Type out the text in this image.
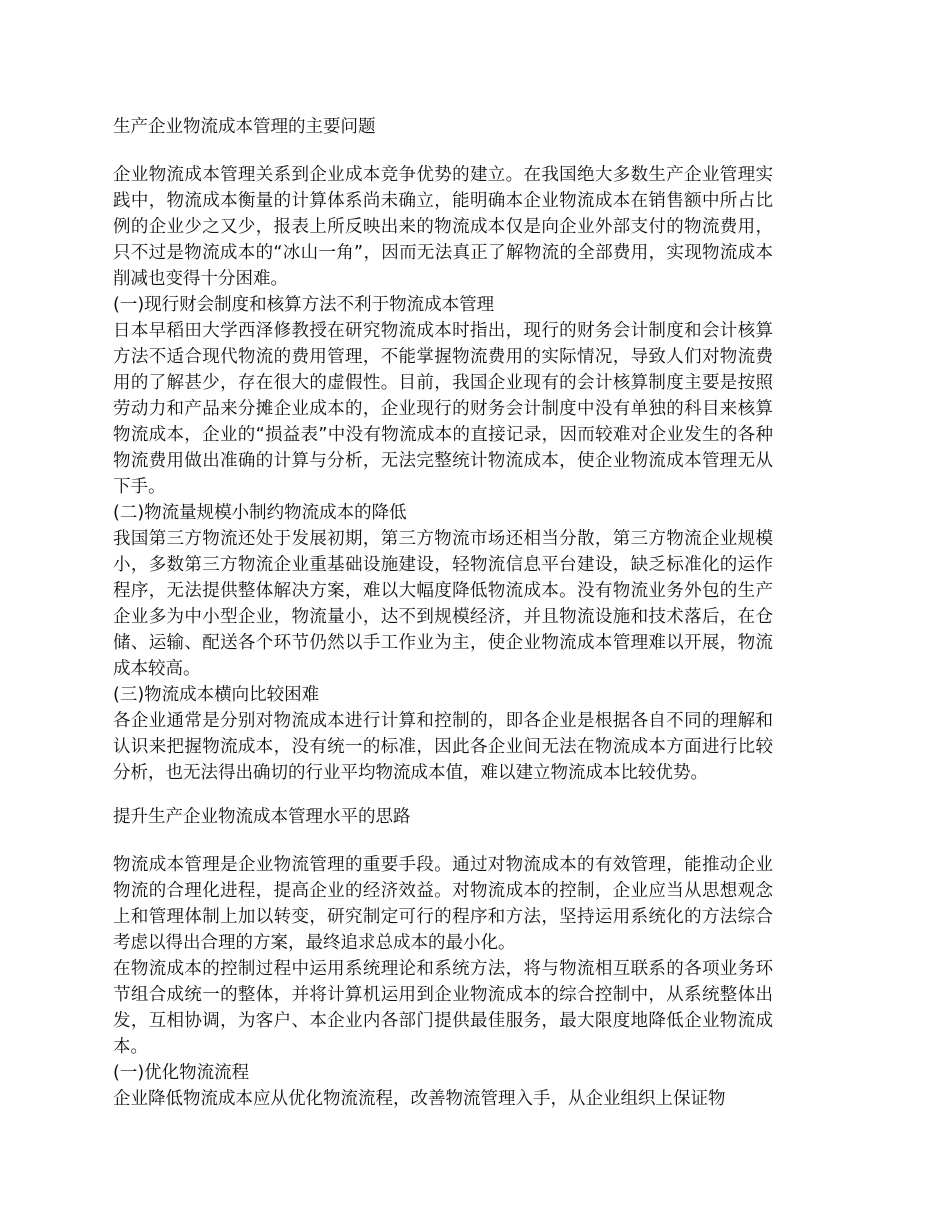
生产企业物流成本管理的主要问题

企业物流成本管理关系到企业成本竞争优势的建立。在我国绝大多数生产企业管理实践中，物流成本衡量的计算体系尚未确立，能明确本企业物流成本在销售额中所占比例的企业少之又少，报表上所反映出来的物流成本仅是向企业外部支付的物流费用，只不过是物流成本的“冰山一角”，因而无法真正了解物流的全部费用，实现物流成本削减也变得十分困难。

(一)现行财会制度和核算方法不利于物流成本管理

日本早稻田大学西泽修教授在研究物流成本时指出，现行的财务会计制度和会计核算方法不适合现代物流的费用管理，不能掌握物流费用的实际情况，导致人们对物流费用的了解甚少，存在很大的虚假性。目前，我国企业现有的会计核算制度主要是按照劳动力和产品来分摊企业成本的，企业现行的财务会计制度中没有单独的科目来核算物流成本，企业的“损益表”中没有物流成本的直接记录，因而较难对企业发生的各种物流费用做出准确的计算与分析，无法完整统计物流成本，使企业物流成本管理无从下手。

(二)物流量规模小制约物流成本的降低

我国第三方物流还处于发展初期，第三方物流市场还相当分散，第三方物流企业规模小，多数第三方物流企业重基础设施建设，轻物流信息平台建设，缺乏标准化的运作程序，无法提供整体解决方案，难以大幅度降低物流成本。没有物流业务外包的生产企业多为中小型企业，物流量小，达不到规模经济，并且物流设施和技术落后，在仓储、运输、配送各个环节仍然以手工作业为主，使企业物流成本管理难以开展，物流成本较高。

(三)物流成本横向比较困难

各企业通常是分别对物流成本进行计算和控制的，即各企业是根据各自不同的理解和认识来把握物流成本，没有统一的标准，因此各企业间无法在物流成本方面进行比较分析，也无法得出确切的行业平均物流成本值，难以建立物流成本比较优势。

提升生产企业物流成本管理水平的思路

物流成本管理是企业物流管理的重要手段。通过对物流成本的有效管理，能推动企业物流的合理化进程，提高企业的经济效益。对物流成本的控制，企业应当从思想观念上和管理体制上加以转变，研究制定可行的程序和方法，坚持运用系统化的方法综合考虑以得出合理的方案，最终追求总成本的最小化。

在物流成本的控制过程中运用系统理论和系统方法，将与物流相互联系的各项业务环节组合成统一的整体，并将计算机运用到企业物流成本的综合控制中，从系统整体出发，互相协调，为客户、本企业内各部门提供最佳服务，最大限度地降低企业物流成本。

(一)优化物流流程

企业降低物流成本应从优化物流流程，改善物流管理入手，从企业组织上保证物
